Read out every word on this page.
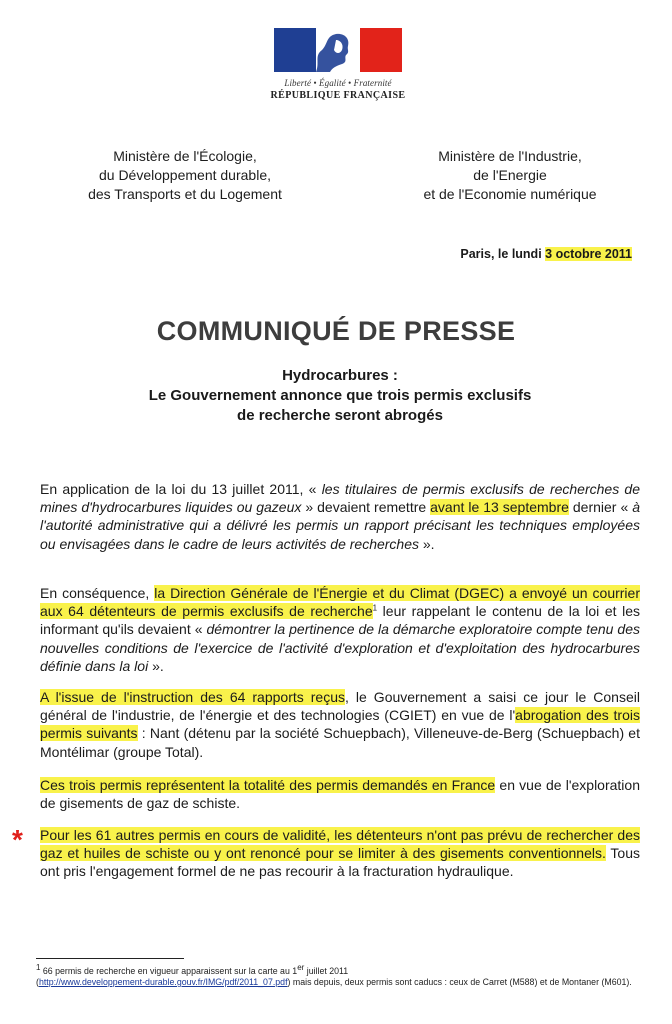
Liberté • Égalité • Fraternité
RÉPUBLIQUE FRANÇAISE
Ministère de l'Écologie,
du Développement durable,
des Transports et du Logement
Ministère de l'Industrie,
de l'Energie
et de l'Economie numérique
Paris, le lundi 3 octobre 2011
COMMUNIQUÉ DE PRESSE
Hydrocarbures :
Le Gouvernement annonce que trois permis exclusifs
de recherche seront abrogés
En application de la loi du 13 juillet 2011, « les titulaires de permis exclusifs de recherches de mines d'hydrocarbures liquides ou gazeux » devaient remettre avant le 13 septembre dernier « à l'autorité administrative qui a délivré les permis un rapport précisant les techniques employées ou envisagées dans le cadre de leurs activités de recherches ».
En conséquence, la Direction Générale de l'Énergie et du Climat (DGEC) a envoyé un courrier aux 64 détenteurs de permis exclusifs de recherche$^1$ leur rappelant le contenu de la loi et les informant qu'ils devaient « démontrer la pertinence de la démarche exploratoire compte tenu des nouvelles conditions de l'exercice de l'activité d'exploration et d'exploitation des hydrocarbures définie dans la loi ».
A l'issue de l'instruction des 64 rapports reçus, le Gouvernement a saisi ce jour le Conseil général de l'industrie, de l'énergie et des technologies (CGIET) en vue de l'abrogation des trois permis suivants : Nant (détenu par la société Schuepbach), Villeneuve-de-Berg (Schuepbach) et Montélimar (groupe Total).
Ces trois permis représentent la totalité des permis demandés en France en vue de l'exploration de gisements de gaz de schiste.
* Pour les 61 autres permis en cours de validité, les détenteurs n'ont pas prévu de rechercher des gaz et huiles de schiste ou y ont renoncé pour se limiter à des gisements conventionnels. Tous ont pris l'engagement formel de ne pas recourir à la fracturation hydraulique.
$^1$ 66 permis de recherche en vigueur apparaissent sur la carte au 1er juillet 2011
(http://www.developpement-durable.gouv.fr/IMG/pdf/2011_07.pdf) mais depuis, deux permis sont caducs : ceux de Carret (M588) et de Montaner (M601).
